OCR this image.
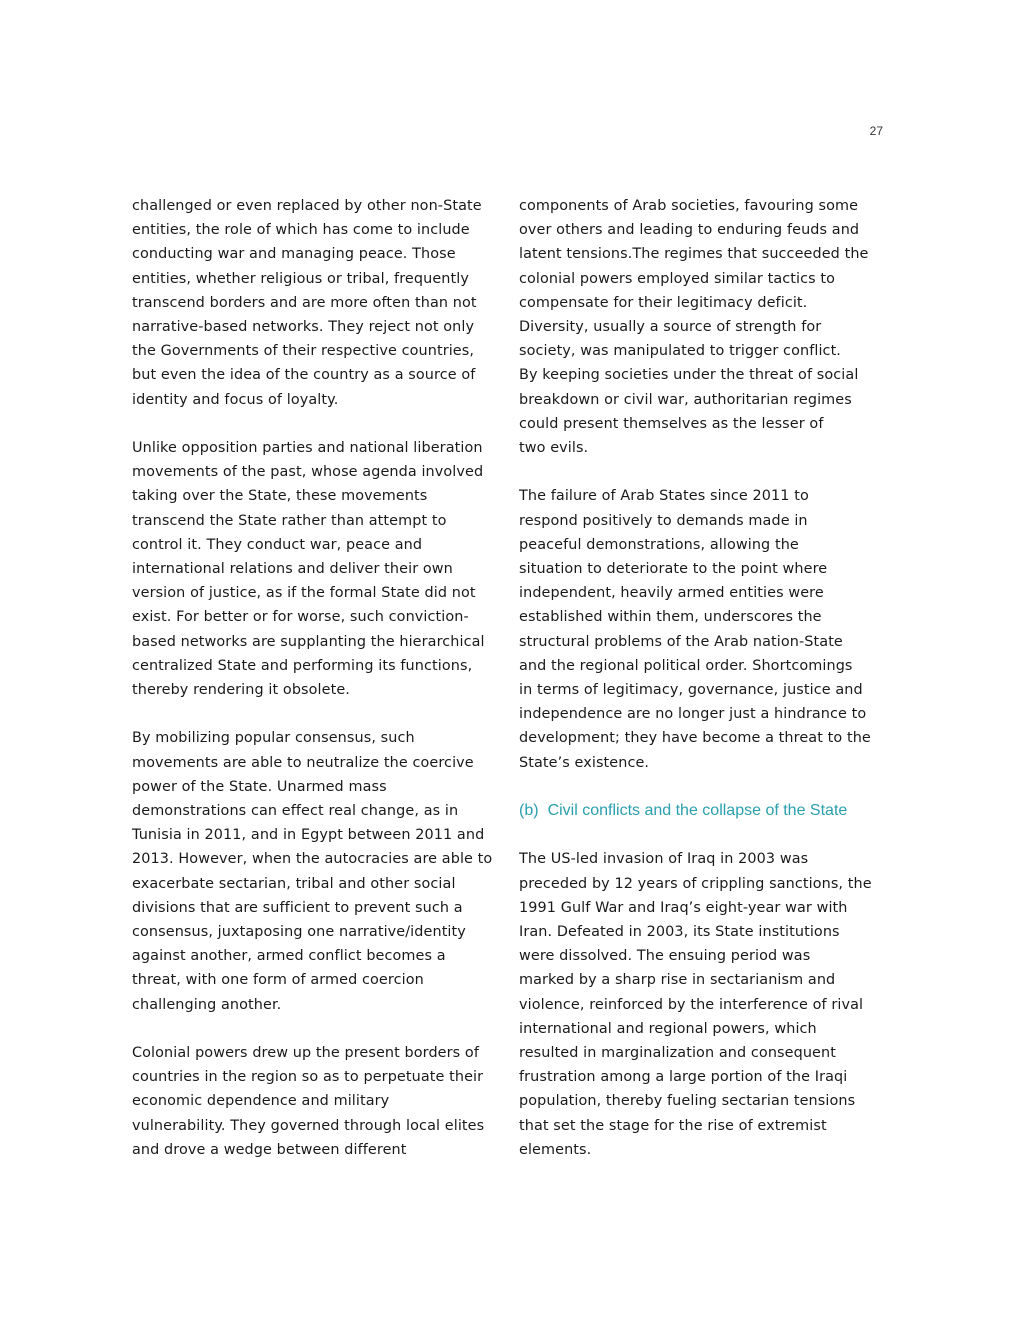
27

challenged or even replaced by other non-State
entities, the role of which has come to include
conducting war and managing peace. Those
entities, whether religious or tribal, frequently
transcend borders and are more often than not
narrative-based networks. They reject not only
the Governments of their respective countries,
but even the idea of the country as a source of
identity and focus of loyalty.

Unlike opposition parties and national liberation
movements of the past, whose agenda involved
taking over the State, these movements
transcend the State rather than attempt to
control it. They conduct war, peace and
international relations and deliver their own
version of justice, as if the formal State did not
exist. For better or for worse, such conviction-
based networks are supplanting the hierarchical
centralized State and performing its functions,
thereby rendering it obsolete.

By mobilizing popular consensus, such
movements are able to neutralize the coercive
power of the State. Unarmed mass
demonstrations can effect real change, as in
Tunisia in 2011, and in Egypt between 2011 and
2013. However, when the autocracies are able to
exacerbate sectarian, tribal and other social
divisions that are sufficient to prevent such a
consensus, juxtaposing one narrative/identity
against another, armed conflict becomes a
threat, with one form of armed coercion
challenging another.

Colonial powers drew up the present borders of
countries in the region so as to perpetuate their
economic dependence and military
vulnerability. They governed through local elites
and drove a wedge between different

components of Arab societies, favouring some
over others and leading to enduring feuds and
latent tensions.The regimes that succeeded the
colonial powers employed similar tactics to
compensate for their legitimacy deficit.
Diversity, usually a source of strength for
society, was manipulated to trigger conflict.
By keeping societies under the threat of social
breakdown or civil war, authoritarian regimes
could present themselves as the lesser of
two evils.

The failure of Arab States since 2011 to
respond positively to demands made in
peaceful demonstrations, allowing the
situation to deteriorate to the point where
independent, heavily armed entities were
established within them, underscores the
structural problems of the Arab nation-State
and the regional political order. Shortcomings
in terms of legitimacy, governance, justice and
independence are no longer just a hindrance to
development; they have become a threat to the
State’s existence.

(b) Civil conflicts and the collapse of the State

The US-led invasion of Iraq in 2003 was
preceded by 12 years of crippling sanctions, the
1991 Gulf War and Iraq’s eight-year war with
Iran. Defeated in 2003, its State institutions
were dissolved. The ensuing period was
marked by a sharp rise in sectarianism and
violence, reinforced by the interference of rival
international and regional powers, which
resulted in marginalization and consequent
frustration among a large portion of the Iraqi
population, thereby fueling sectarian tensions
that set the stage for the rise of extremist
elements.
